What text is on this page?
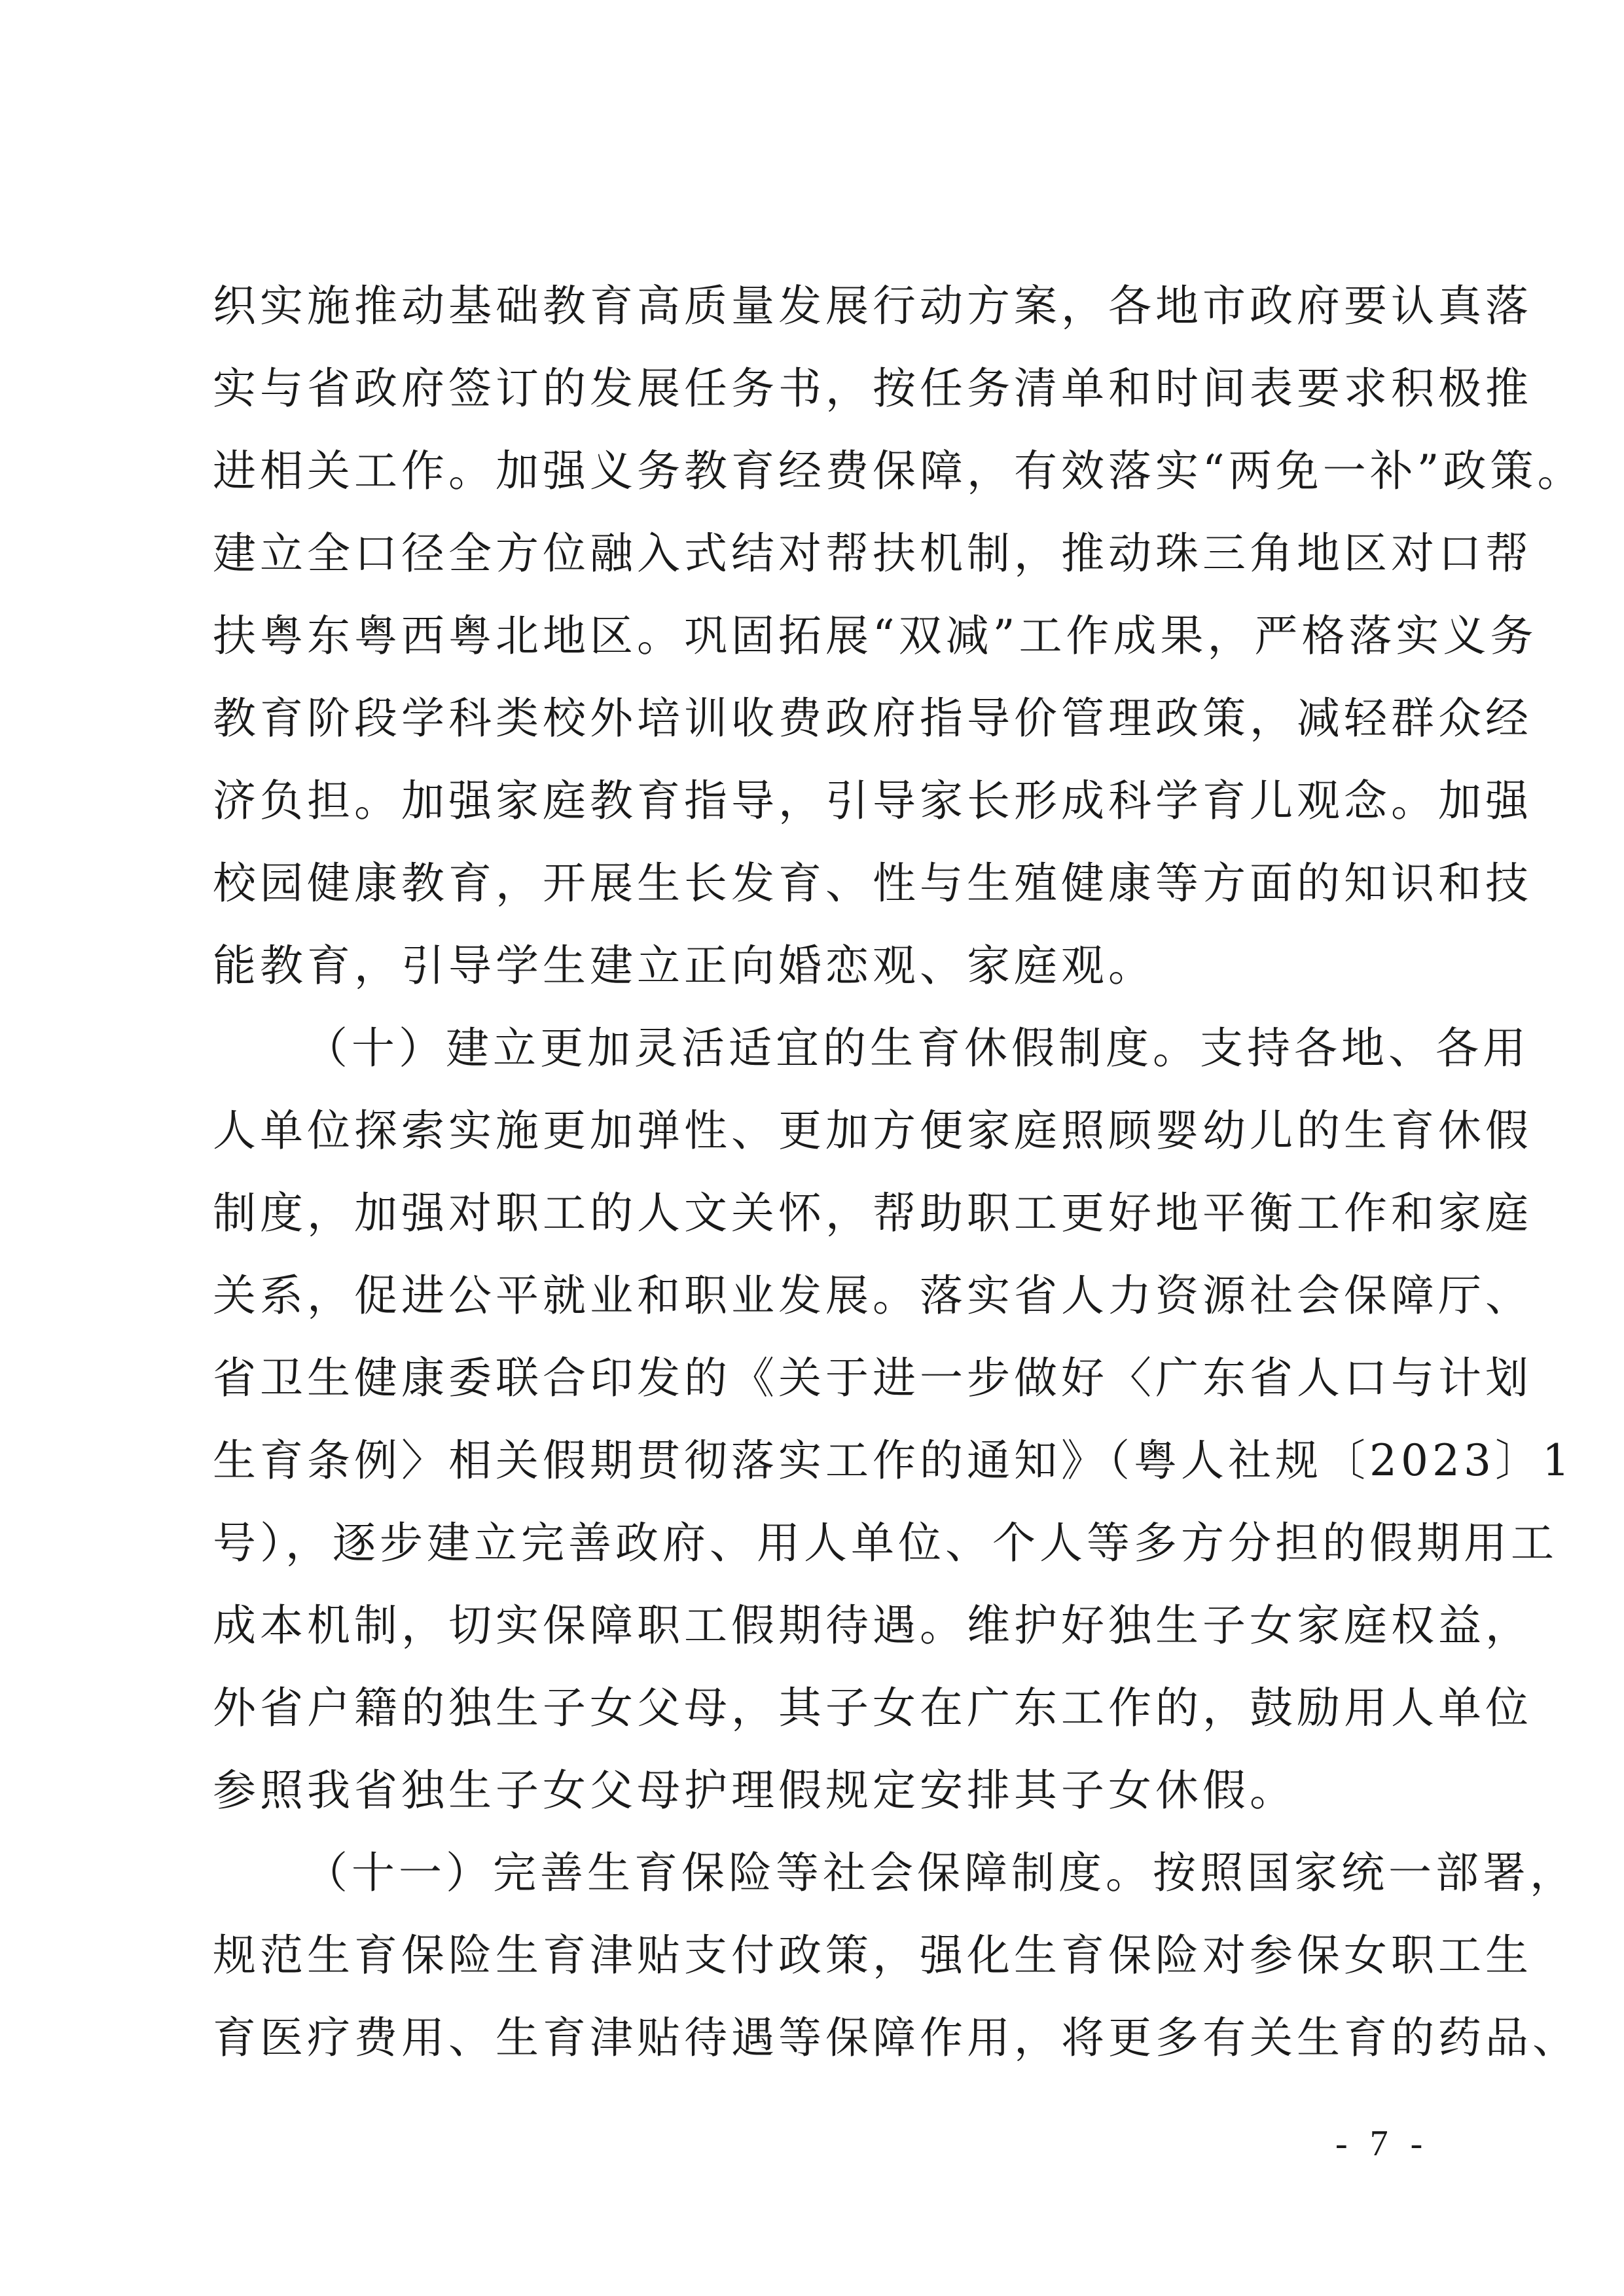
织实施推动基础教育高质量发展行动方案，各地市政府要认真落
实与省政府签订的发展任务书，按任务清单和时间表要求积极推
进相关工作。加强义务教育经费保障，有效落实“两免一补”政策。
建立全口径全方位融入式结对帮扶机制，推动珠三角地区对口帮
扶粤东粤西粤北地区。巩固拓展“双减”工作成果，严格落实义务
教育阶段学科类校外培训收费政府指导价管理政策，减轻群众经
济负担。加强家庭教育指导，引导家长形成科学育儿观念。加强
校园健康教育，开展生长发育、性与生殖健康等方面的知识和技
能教育，引导学生建立正向婚恋观、家庭观。
（十）建立更加灵活适宜的生育休假制度。支持各地、各用
人单位探索实施更加弹性、更加方便家庭照顾婴幼儿的生育休假
制度，加强对职工的人文关怀，帮助职工更好地平衡工作和家庭
关系，促进公平就业和职业发展。落实省人力资源社会保障厅、
省卫生健康委联合印发的《关于进一步做好〈广东省人口与计划
生育条例〉相关假期贯彻落实工作的通知》（粤人社规〔2023〕1
号），逐步建立完善政府、用人单位、个人等多方分担的假期用工
成本机制，切实保障职工假期待遇。维护好独生子女家庭权益，
外省户籍的独生子女父母，其子女在广东工作的，鼓励用人单位
参照我省独生子女父母护理假规定安排其子女休假。
（十一）完善生育保险等社会保障制度。按照国家统一部署，
规范生育保险生育津贴支付政策，强化生育保险对参保女职工生
育医疗费用、生育津贴待遇等保障作用，将更多有关生育的药品、
- 7 -
